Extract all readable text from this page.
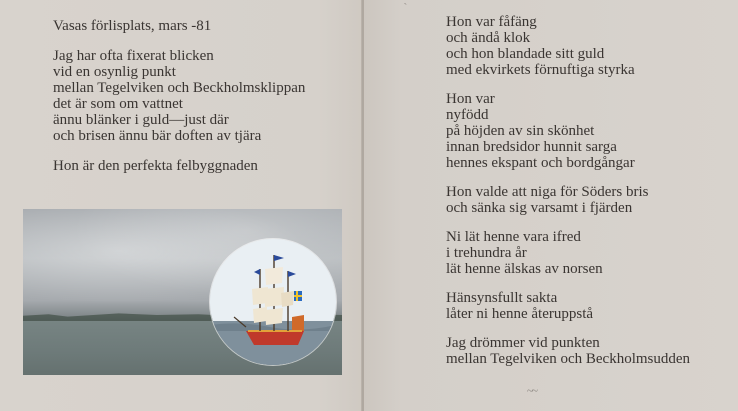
Vasas förlisplats, mars -81
Jag har ofta fixerat blicken
vid en osynlig punkt
mellan Tegelviken och Beckholmsklippan
det är som om vattnet
ännu blänker i guld—just där
och brisen ännu bär doften av tjära
Hon är den perfekta felbyggnaden
Hon var fåfäng
och ändå klok
och hon blandade sitt guld
med ekvirkets förnuftiga styrka
Hon var
nyfödd
på höjden av sin skönhet
innan bredsidor hunnit sarga
hennes ekspant och bordgångar
Hon valde att niga för Söders bris
och sänka sig varsamt i fjärden
Ni lät henne vara ifred
i trehundra år
lät henne älskas av norsen
Hänsynsfullt sakta
låter ni henne återuppstå
Jag drömmer vid punkten
mellan Tegelviken och Beckholmsudden
~~
`
